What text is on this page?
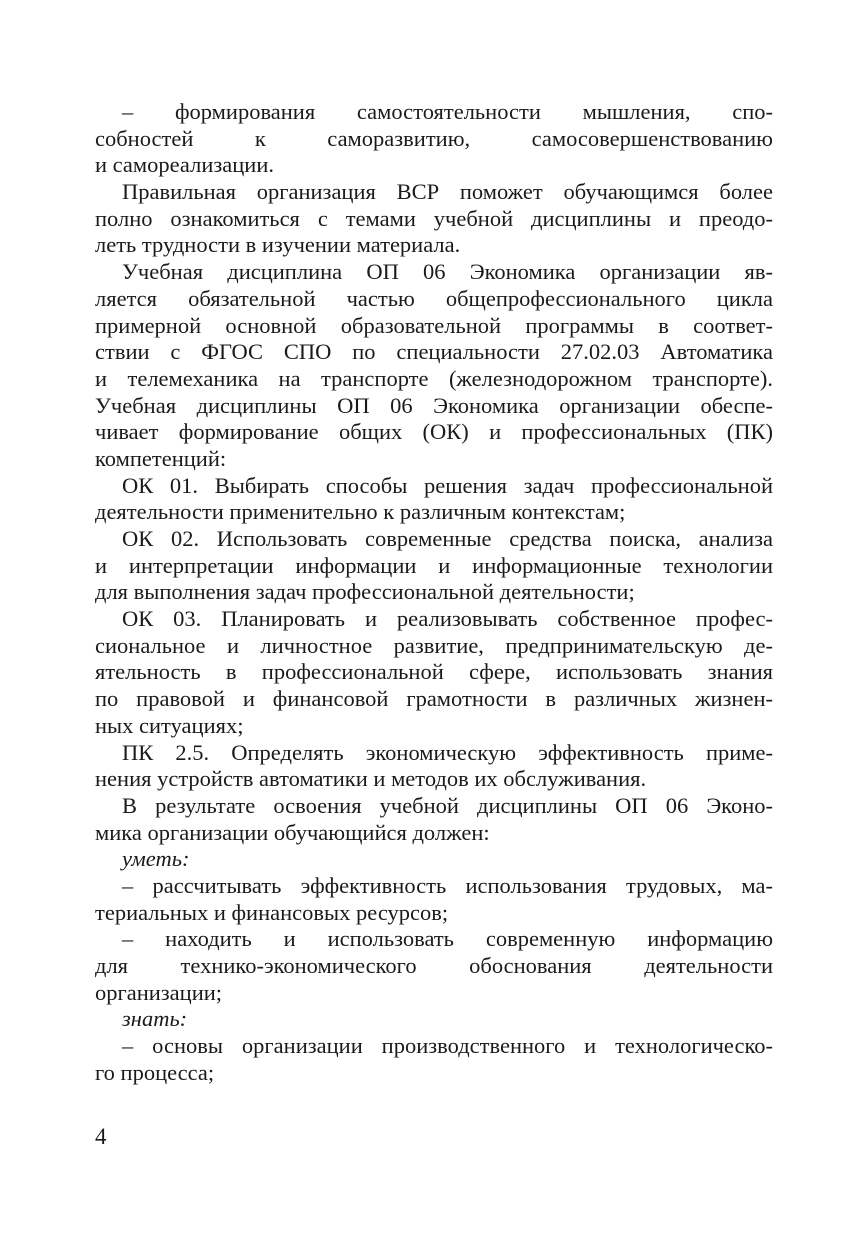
– формирования самостоятельности мышления, спо-
собностей к саморазвитию, самосовершенствованию
и самореализации.
Правильная организация ВСР поможет обучающимся более
полно ознакомиться с темами учебной дисциплины и преодо-
леть трудности в изучении материала.
Учебная дисциплина ОП 06 Экономика организации яв-
ляется обязательной частью общепрофессионального цикла
примерной основной образовательной программы в соответ-
ствии с ФГОС СПО по специальности 27.02.03 Автоматика
и телемеханика на транспорте (железнодорожном транспорте).
Учебная дисциплины ОП 06 Экономика организации обеспе-
чивает формирование общих (ОК) и профессиональных (ПК)
компетенций:
ОК 01. Выбирать способы решения задач профессиональной
деятельности применительно к различным контекстам;
ОК 02. Использовать современные средства поиска, анализа
и интерпретации информации и информационные технологии
для выполнения задач профессиональной деятельности;
ОК 03. Планировать и реализовывать собственное профес-
сиональное и личностное развитие, предпринимательскую де-
ятельность в профессиональной сфере, использовать знания
по правовой и финансовой грамотности в различных жизнен-
ных ситуациях;
ПК 2.5. Определять экономическую эффективность приме-
нения устройств автоматики и методов их обслуживания.
В результате освоения учебной дисциплины ОП 06 Эконо-
мика организации обучающийся должен:
уметь:
– рассчитывать эффективность использования трудовых, ма-
териальных и финансовых ресурсов;
– находить и использовать современную информацию
для технико-экономического обоснования деятельности
организации;
знать:
– основы организации производственного и технологическо-
го процесса;
4
